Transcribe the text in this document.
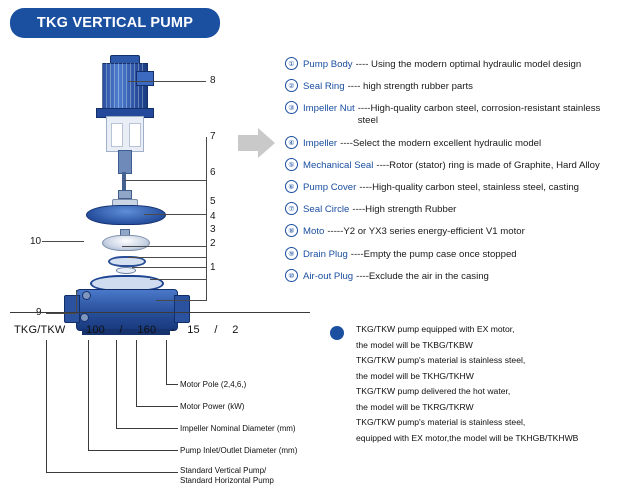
TKG VERTICAL PUMP
8
7
6
5
4
3
2
1
10
① Pump Body ---- Using the modern optimal hydraulic model design
② Seal Ring ---- high strength rubber parts
③ Impeller Nut ----High-quality carbon steel, corrosion-resistant stainless steel
④ Impeller ----Select the modern excellent hydraulic model
⑤ Mechanical Seal ----Rotor (stator) ring is made of Graphite, Hard Alloy
⑥ Pump Cover ----High-quality carbon steel, stainless steel, casting
⑦ Seal Circle ----High strength Rubber
⑧ Moto -----Y2 or YX3 series energy-efficient V1 motor
⑨ Drain Plug ----Empty the pump case once stopped
⑩ Air-out Plug ----Exclude the air in the casing
TKG/TKW 100 / 160 - 15 / 2
Motor Pole (2,4,6,)
Motor Power (kW)
Impeller Nominal Diameter (mm)
Pump Inlet/Outlet Diameter (mm)
Standard Vertical Pump/
Standard Horizontal Pump
TKG/TKW pump equipped with EX motor,
the model will be TKBG/TKBW
TKG/TKW pump's material is stainless steel,
the model will be TKHG/TKHW
TKG/TKW pump delivered the hot water,
the model will be TKRG/TKRW
TKG/TKW pump's material is stainless steel,
equipped with EX motor,the model will be TKHGB/TKHWB
